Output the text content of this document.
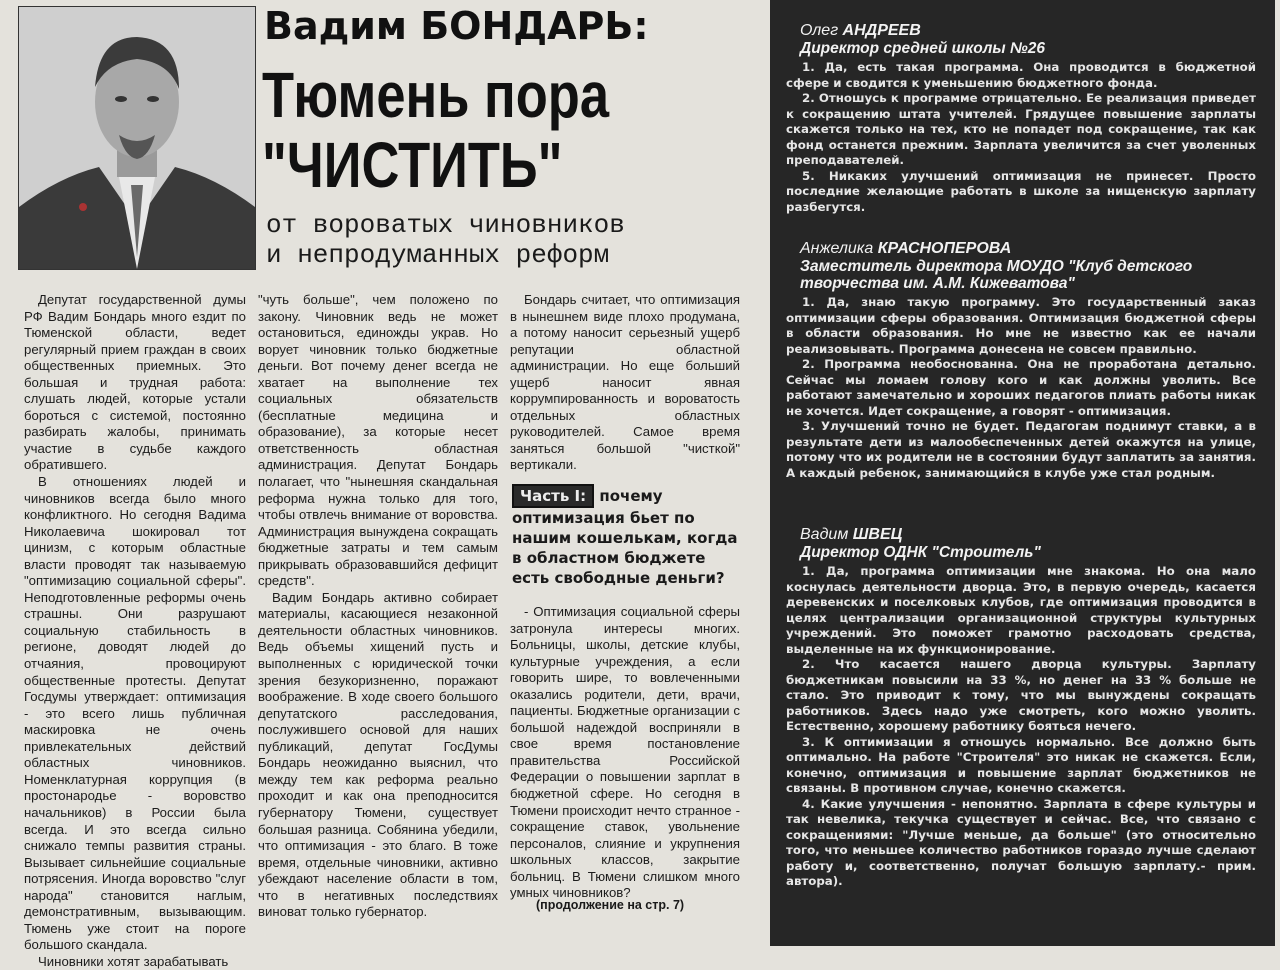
Вадим БОНДАРЬ:
Тюмень пора
"ЧИСТИТЬ"
от вороватых чиновников
и непродуманных реформ

Депутат государственной думы РФ Вадим Бондарь много ездит по Тюменской области, ведет регулярный прием граждан в своих общественных приемных. Это большая и трудная работа: слушать людей, которые устали бороться с системой, постоянно разбирать жалобы, принимать участие в судьбе каждого обратившего.

В отношениях людей и чиновников всегда было много конфликтного. Но сегодня Вадима Николаевича шокировал тот цинизм, с которым областные власти проводят так называемую "оптимизацию социальной сферы". Неподготовленные реформы очень страшны. Они разрушают социальную стабильность в регионе, доводят людей до отчаяния, провоцируют общественные протесты. Депутат Госдумы утверждает: оптимизация - это всего лишь публичная маскировка не очень привлекательных действий областных чиновников. Номенклатурная коррупция (в простонародье - воровство начальников) в России была всегда. И это всегда сильно снижало темпы развития страны. Вызывает сильнейшие социальные потрясения. Иногда воровство "слуг народа" становится наглым, демонстративным, вызывающим. Тюмень уже стоит на пороге большого скандала.

Чиновники хотят зарабатывать

"чуть больше", чем положено по закону. Чиновник ведь не может остановиться, единожды украв. Но ворует чиновник только бюджетные деньги. Вот почему денег всегда не хватает на выполнение тех социальных обязательств (бесплатные медицина и образование), за которые несет ответственность областная администрация. Депутат Бондарь полагает, что "нынешняя скандальная реформа нужна только для того, чтобы отвлечь внимание от воровства. Администрация вынуждена сокращать бюджетные затраты и тем самым прикрывать образовавшийся дефицит средств".

Вадим Бондарь активно собирает материалы, касающиеся незаконной деятельности областных чиновников. Ведь объемы хищений пусть и выполненных с юридической точки зрения безукоризненно, поражают воображение. В ходе своего большого депутатского расследования, послужившего основой для наших публикаций, депутат ГосДумы Бондарь неожиданно выяснил, что между тем как реформа реально проходит и как она преподносится губернатору Тюмени, существует большая разница. Собянина убедили, что оптимизация - это благо. В тоже время, отдельные чиновники, активно убеждают население области в том, что в негативных последствиях виноват только губернатор.

Бондарь считает, что оптимизация в нынешнем виде плохо продумана, а потому наносит серьезный ущерб репутации областной администрации. Но еще больший ущерб наносит явная коррумпированность и вороватость отдельных областных руководителей. Самое время заняться большой "чисткой" вертикали.

Часть I: почему оптимизация бьет по нашим кошелькам, когда в областном бюджете есть свободные деньги?

- Оптимизация социальной сферы затронула интересы многих. Больницы, школы, детские клубы, культурные учреждения, а если говорить шире, то вовлеченными оказались родители, дети, врачи, пациенты. Бюджетные организации с большой надеждой восприняли в свое время постановление правительства Российской Федерации о повышении зарплат в бюджетной сфере. Но сегодня в Тюмени происходит нечто странное - сокращение ставок, увольнение персоналов, слияние и укрупнения школьных классов, закрытие больниц. В Тюмени слишком много умных чиновников?

(продолжение на стр. 7)
Олег АНДРЕЕВ
Директор средней школы №26

1. Да, есть такая программа. Она проводится в бюджетной сфере и сводится к уменьшению бюджетного фонда.

2. Отношусь к программе отрицательно. Ее реализация приведет к сокращению штата учителей. Грядущее повышение зарплаты скажется только на тех, кто не попадет под сокращение, так как фонд останется прежним. Зарплата увеличится за счет уволенных преподавателей.

5. Никаких улучшений оптимизация не принесет. Просто последние желающие работать в школе за нищенскую зарплату разбегутся.

Анжелика КРАСНОПЕРОВА
Заместитель директора МОУДО "Клуб детского творчества им. А.М. Кижеватова"

1. Да, знаю такую программу. Это государственный заказ оптимизации сферы образования. Оптимизация бюджетной сферы в области образования. Но мне не известно как ее начали реализовывать. Программа донесена не совсем правильно.

2. Программа необоснованна. Она не проработана детально. Сейчас мы ломаем голову кого и как должны уволить. Все работают замечательно и хороших педагогов плиать работы никак не хочется. Идет сокращение, а говорят - оптимизация.

3. Улучшений точно не будет. Педагогам поднимут ставки, а в результате дети из малообеспеченных детей окажутся на улице, потому что их родители не в состоянии будут заплатить за занятия. А каждый ребенок, занимающийся в клубе уже стал родным.

Вадим ШВЕЦ
Директор ОДНК "Строитель"

1. Да, программа оптимизации мне знакома. Но она мало коснулась деятельности дворца. Это, в первую очередь, касается деревенских и поселковых клубов, где оптимизация проводится в целях централизации организационной структуры культурных учреждений. Это поможет грамотно расходовать средства, выделенные на их функционирование.

2. Что касается нашего дворца культуры. Зарплату бюджетникам повысили на 33 %, но денег на 33 % больше не стало. Это приводит к тому, что мы вынуждены сокращать работников. Здесь надо уже смотреть, кого можно уволить. Естественно, хорошему работнику бояться нечего.

3. К оптимизации я отношусь нормально. Все должно быть оптимально. На работе "Строителя" это никак не скажется. Если, конечно, оптимизация и повышение зарплат бюджетников не связаны. В противном случае, конечно скажется.

4. Какие улучшения - непонятно. Зарплата в сфере культуры и так невелика, текучка существует и сейчас. Все, что связано с сокращениями: "Лучше меньше, да больше" (это относительно того, что меньшее количество работников гораздо лучше сделают работу и, соответственно, получат большую зарплату.- прим. автора).
